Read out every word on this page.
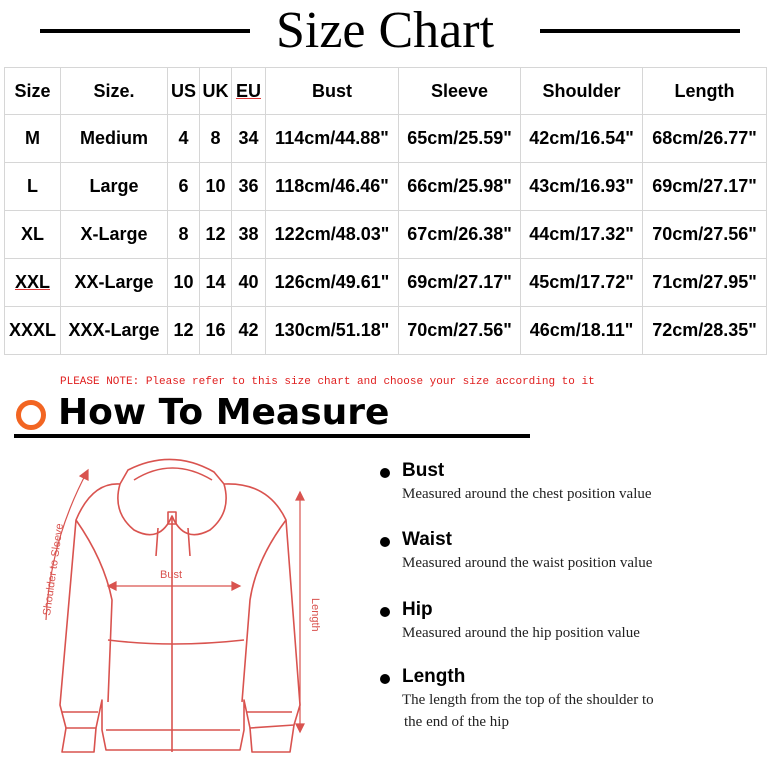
Size Chart
Size	Size.	US	UK	EU	Bust	Sleeve	Shoulder	Length
M	Medium	4	8	34	114cm/44.88"	65cm/25.59"	42cm/16.54"	68cm/26.77"
L	Large	6	10	36	118cm/46.46"	66cm/25.98"	43cm/16.93"	69cm/27.17"
XL	X-Large	8	12	38	122cm/48.03"	67cm/26.38"	44cm/17.32"	70cm/27.56"
XXL	XX-Large	10	14	40	126cm/49.61"	69cm/27.17"	45cm/17.72"	71cm/27.95"
XXXL	XXX-Large	12	16	42	130cm/51.18"	70cm/27.56"	46cm/18.11"	72cm/28.35"
PLEASE NOTE: Please refer to this size chart and choose your size according to it
How To Measure
Bust
Length
Shoulder to Sleeve
Bust
Measured around the chest position value
Waist
Measured around the waist position value
Hip
Measured around the hip position value
Length
The length from the top of the shoulder to
the end of the hip
